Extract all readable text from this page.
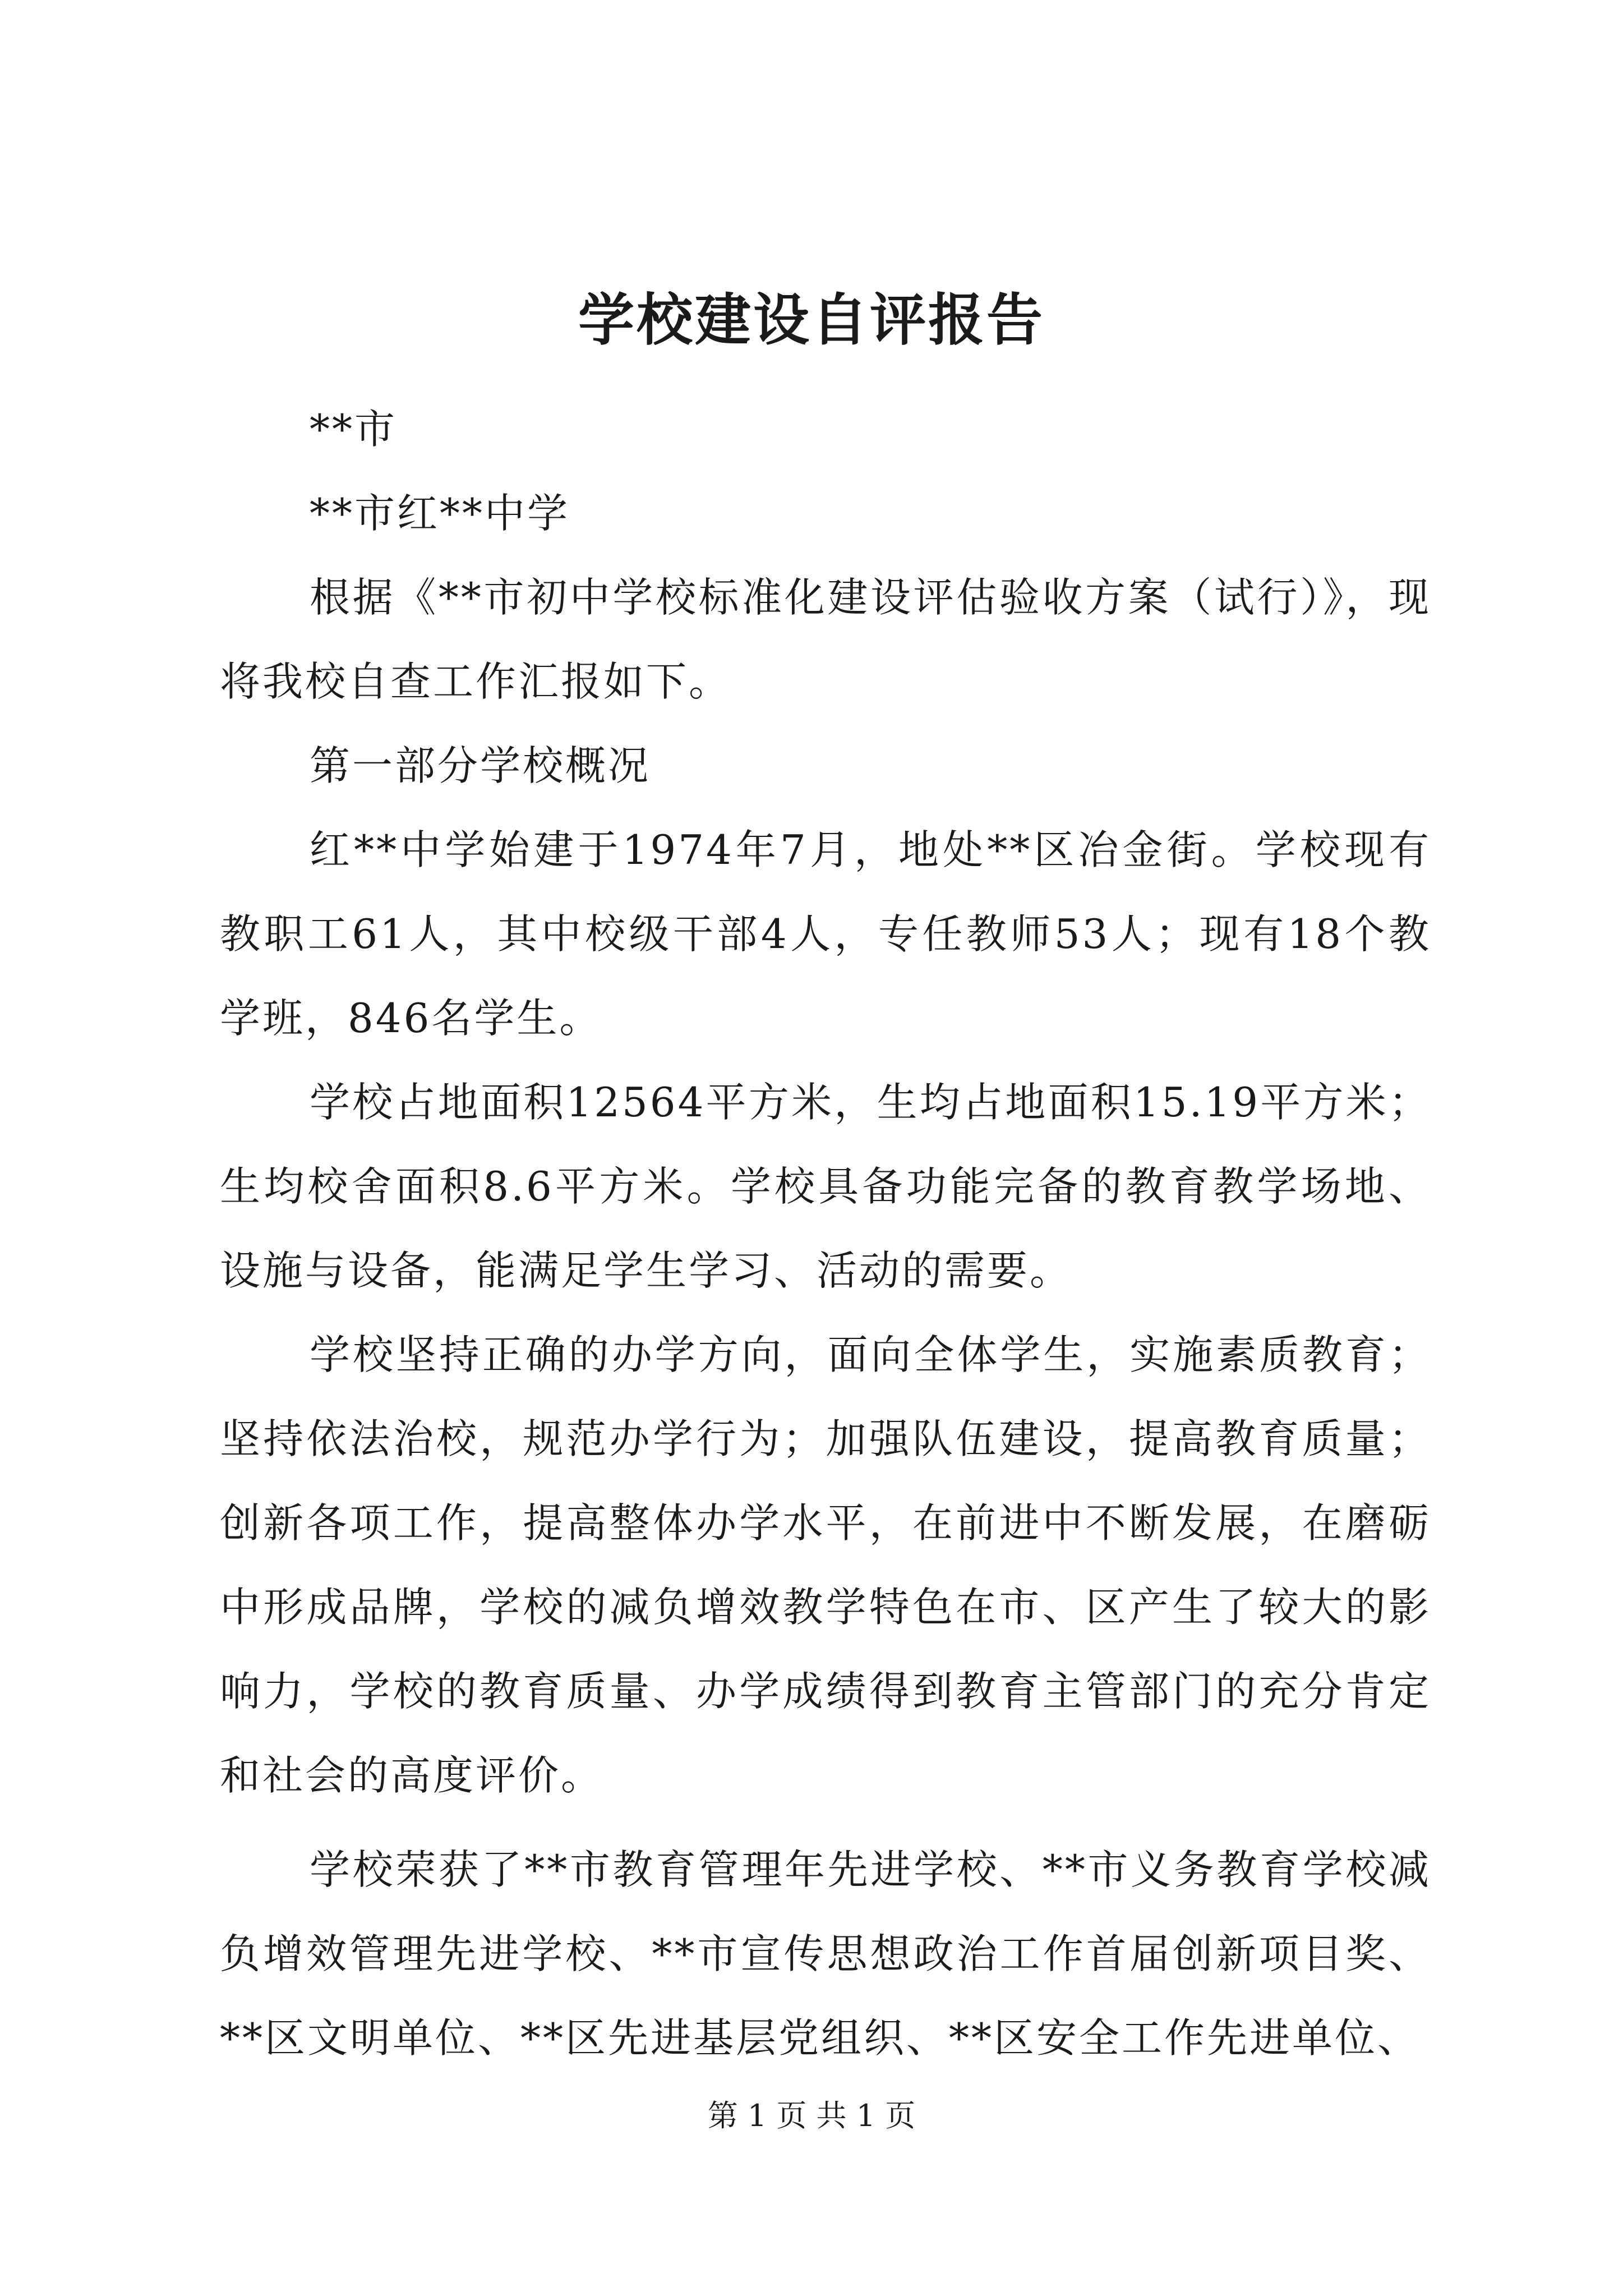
学校建设自评报告

**市

**市红**中学

根据《**市初中学校标准化建设评估验收方案（试行）》，现将我校自查工作汇报如下。

第一部分学校概况

红**中学始建于1974年7月，地处**区冶金街。学校现有教职工61人，其中校级干部4人，专任教师53人；现有18个教学班，846名学生。

学校占地面积12564平方米，生均占地面积15.19平方米；生均校舍面积8.6平方米。学校具备功能完备的教育教学场地、设施与设备，能满足学生学习、活动的需要。

学校坚持正确的办学方向，面向全体学生，实施素质教育；坚持依法治校，规范办学行为；加强队伍建设，提高教育质量；创新各项工作，提高整体办学水平，在前进中不断发展，在磨砺中形成品牌，学校的减负增效教学特色在市、区产生了较大的影响力，学校的教育质量、办学成绩得到教育主管部门的充分肯定和社会的高度评价。

学校荣获了**市教育管理年先进学校、**市义务教育学校减负增效管理先进学校、**市宣传思想政治工作首届创新项目奖、**区文明单位、**区先进基层党组织、**区安全工作先进单位、

第 1 页 共 1 页
